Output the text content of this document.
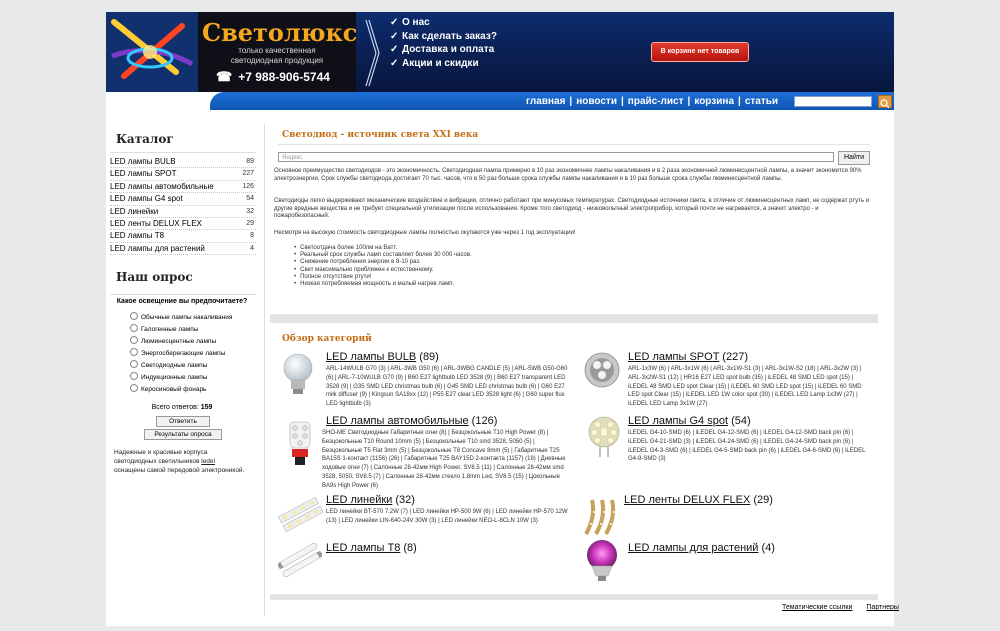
Светолюкс
только качественная
светодиодная продукция
☎ +7 988-906-5744
✓ О нас
✓ Как сделать заказ?
✓ Доставка и оплата
✓ Акции и скидки
В корзине нет товаров
главная | новости | прайс-лист | корзина | статьи
Каталог
LED лампы BULB	89
LED лампы SPOT	227
LED лампы автомобильные	126
LED лампы G4 spot	54
LED линейки	32
LED ленты DELUX FLEX	29
LED лампы T8	8
LED лампы для растений	4
Наш опрос
Какое освещение вы предпочитаете?
Обычные лампы накаливания
Галогенные лампы
Люминесцентные лампы
Энергосберегающие лампы
Светодиодные лампы
Индукционные лампы
Керосиновый фонарь
Всего ответов: 159
Ответить
Результаты опроса
Надежные и красивые корпуса
светодиодных светильников ledel
оснащены самой передовой электроникой.
Светодиод - источник света XXI века
Яндекс	Найти
Основное преимущество светодиодов - это экономичность. Светодиодная лампа примерно в 10 раз экономичнее лампы накаливания и в 2 раза экономичней люминесцентной лампы, а значит экономится 90% электроэнергии. Срок службы светодиода достигает 70 тыс. часов, что в 50 раз больше срока службы лампы накаливания и в 10 раз больше срока службы люминесцентной лампы.
Светодиоды легко выдерживают механические воздействие и вибрации, отлично работают при минусовых температурах. Светодиодные источники света, в отличие от люминесцентных ламп, не содержат ртуть и другие вредные вещества и не требует специальной утилизации после использования. Кроме того светодиод - низковольтный электроприбор, который почти не нагревается, а значит электро - и пожаробезопасный.
Несмотря на высокую стоимость светодиодные лампы полностью окупаются уже через 1 год эксплуатации!
• Светоотдача более 100лм на Ватт.
• Реальный срок службы ламп составляет более 30 000 часов.
• Снижение потребления энергии в 8-10 раз.
• Свет максимально приближен к естественному.
• Полное отсутствие ртути!
• Низкая потребляемая мощность и малый нагрев ламп.
Обзор категорий
LED лампы BULB (89)
ARL-14WULB G70 (3) | ARL-3WB G50 (6) | ARL-3WBG CANDLE (5) | ARL-5WB G50-G60 (6) | ARL-7-10WULB G70 (9) | B60 E27 lightbulb LED 3528 (9) | B60 E27 transparent LED 3528 (9) | G35 SMD LED christmas bulb (6) | G45 SMD LED christmas bulb (6) | G60 E27 milk diffuser (9) | Kingsun SA19xx (12) | P55 E27 clear LED 3528 light (6) | G60 super flux LED lightbulb (3)
LED лампы SPOT (227)
ARL-1x3W (6) | ARL-3x1W (6) | ARL-3x1W-S1 (3) | ARL-3x1W-S2 (18) | ARL-3x2W (3) | ARL-3x2W-S1 (12) | HR16 E27 LED spot bulb (35) | iLEDEL 48 SMD LED spot (15) | iLEDEL 48 SMD LED spot Clear (15) | iLEDEL 60 SMD LED spot (15) | iLEDEL 60 SMD LED spot Clear (15) | iLEDEL LED 1W color spot (30) | iLEDEL LED Lamp 1x3W (27) | iLEDEL LED Lamp 3x1W (27)
LED лампы автомобильные (126)
SHO-ME Светодиодные Габаритные огни (8) | Безцокольные T10 High Power (8) | Безцокольные T10 Round 10mm (5) | Безцокольные T10 smd 3528, 5050 (5) | Безцокольные T5 Flat 3mm (5) | Безцокольные T8 Concave 8mm (5) | Габаритные T25 BA15S 1-контакт (1156) (26) | Габаритные T25 BAY15D 2-контакта (1157) (18) | Дневные ходовые огни (7) | Салонные 28-42мм High Power, SV8.5 (11) | Салонные 28-42мм smd 3528, 5050, SV8.5 (7) | Салонные 28-42мм стекло 1.8mm Led, SV8.5 (15) | Цокольные BA9s High Power (6)
LED лампы G4 spot (54)
iLEDEL G4-10-SMD (6) | iLEDEL G4-12-SMD (6) | iLEDEL G4-12-SMD back pin (6) | iLEDEL G4-21-SMD (3) | iLEDEL G4-24-SMD (6) | iLEDEL G4-24-SMD back pin (6) | iLEDEL G4-3-SMD (6) | iLEDEL G4-5-SMD back pin (6) | iLEDEL G4-6-SMD (6) | iLEDEL G4-9-SMD (3)
LED линейки (32)
LED линейки BT-570 7.2W (7) | LED линейки HP-500 9W (6) | LED линейки HP-570 12W (13) | LED линейки LIN-640-24V 30W (3) | LED линейки NEO-L-8CLN 10W (3)
LED ленты DELUX FLEX (29)
LED лампы T8 (8)	LED лампы для растений (4)
Тематические ссылки Партнеры
